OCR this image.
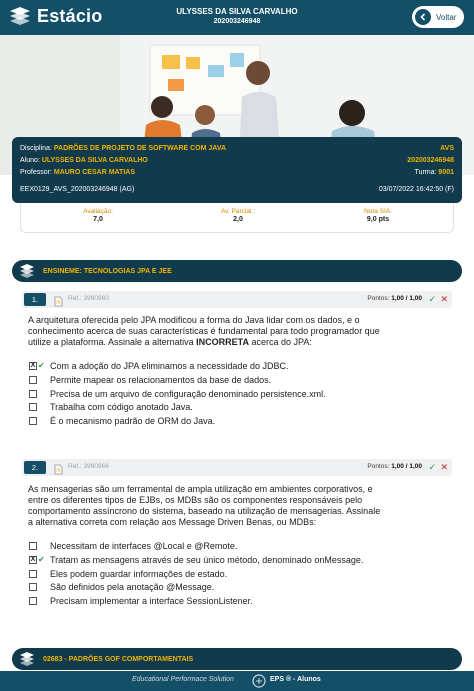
Estácio	ULYSSES DA SILVA CARVALHO
202003246948	Voltar
Disciplina: PADRÕES DE PROJETO DE SOFTWARE COM JAVA	AVS
Aluno: ULYSSES DA SILVA CARVALHO	202003246948
Professor: MAURO CESAR MATIAS	Turma: 9001
EEX0129_AVS_202003246948 (AG)	03/07/2022 16:42:50 (F)
Avaliação:
7,0
Av. Parcial.:
2,0
Nota SIA:
9,0 pts
ENSINEME: TECNOLOGIAS JPA E JEE
1.	Ref.: 3990960	Pontos: 1,00 / 1,00 ✓ ✕
A arquitetura oferecida pelo JPA modificou a forma do Java lidar com os dados, e o
conhecimento acerca de suas características é fundamental para todo programador que
utilize a plataforma. Assinale a alternativa INCORRETA acerca do JPA:
X ✔ Com a adoção do JPA eliminamos a necessidade do JDBC.
Permite mapear os relacionamentos da base de dados.
Precisa de um arquivo de configuração denominado persistence.xml.
Trabalha com código anotado Java.
É o mecanismo padrão de ORM do Java.
2.	Ref.: 3990966	Pontos: 1,00 / 1,00 ✓ ✕
As mensagerias são um ferramental de ampla utilização em ambientes corporativos, e
entre os diferentes tipos de EJBs, os MDBs são os componentes responsáveis pelo
comportamento assíncrono do sistema, baseado na utilização de mensagerias. Assinale
a alternativa correta com relação aos Message Driven Benas, ou MDBs:
Necessitam de interfaces @Local e @Remote.
X ✔ Tratam as mensagens através de seu único método, denominado onMessage.
Eles podem guardar informações de estado.
São definidos pela anotação @Message.
Precisam implementar a interface SessionListener.
02683 - PADRÕES GOF COMPORTAMENTAIS
Educational Performace Solution	EPS ® - Alunos
